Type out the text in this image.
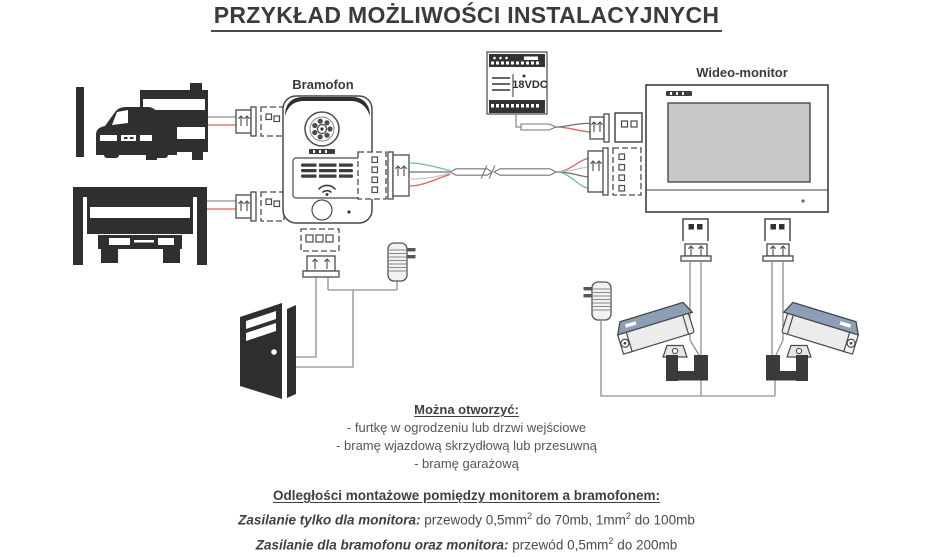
PRZYKŁAD MOŻLIWOŚCI INSTALACYJNYCH
Bramofon
Wideo-monitor
18VDC
Można otworzyć:
- furtkę w ogrodzeniu lub drzwi wejściowe
- bramę wjazdową skrzydłową lub przesuwną
- bramę garażową
Odległości montażowe pomiędzy monitorem a bramofonem:
Zasilanie tylko dla monitora: przewody $0,5mm^2$ do 70mb, $1mm^2$ do 100mb
Zasilanie dla bramofonu oraz monitora: przewód $0,5mm^2$ do 200mb
